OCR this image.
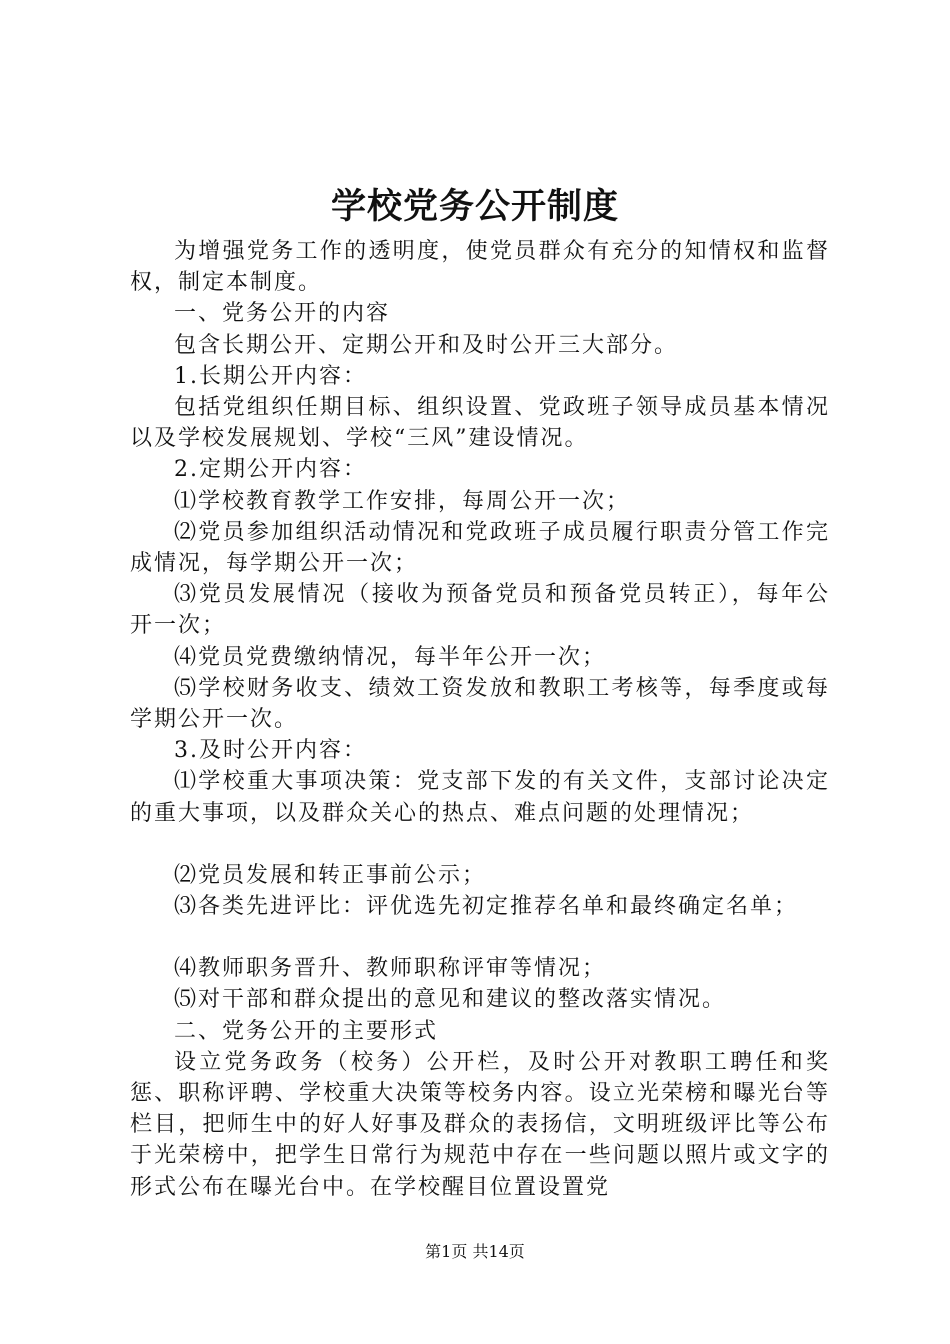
学校党务公开制度

为增强党务工作的透明度，使党员群众有充分的知情权和监督权，制定本制度。

一、党务公开的内容

包含长期公开、定期公开和及时公开三大部分。

1.长期公开内容：

包括党组织任期目标、组织设置、党政班子领导成员基本情况以及学校发展规划、学校“三风”建设情况。

2.定期公开内容：

⑴学校教育教学工作安排，每周公开一次；

⑵党员参加组织活动情况和党政班子成员履行职责分管工作完成情况，每学期公开一次；

⑶党员发展情况（接收为预备党员和预备党员转正），每年公开一次；

⑷党员党费缴纳情况，每半年公开一次；

⑸学校财务收支、绩效工资发放和教职工考核等，每季度或每学期公开一次。

3.及时公开内容：

⑴学校重大事项决策：党支部下发的有关文件，支部讨论决定的重大事项，以及群众关心的热点、难点问题的处理情况；

⑵党员发展和转正事前公示；

⑶各类先进评比：评优选先初定推荐名单和最终确定名单；

⑷教师职务晋升、教师职称评审等情况；

⑸对干部和群众提出的意见和建议的整改落实情况。

二、党务公开的主要形式

设立党务政务（校务）公开栏，及时公开对教职工聘任和奖惩、职称评聘、学校重大决策等校务内容。设立光荣榜和曝光台等栏目，把师生中的好人好事及群众的表扬信，文明班级评比等公布于光荣榜中，把学生日常行为规范中存在一些问题以照片或文字的形式公布在曝光台中。在学校醒目位置设置党

第1页 共14页
